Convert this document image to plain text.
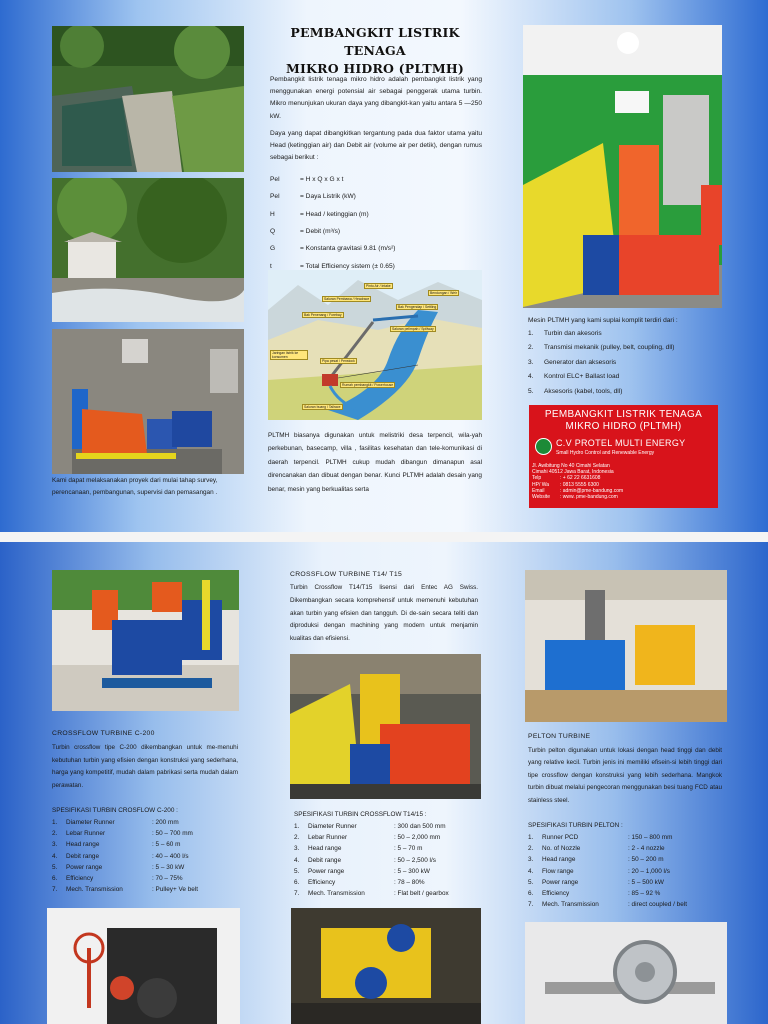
Kami dapat melaksanakan proyek dari mulai tahap survey, perencanaan, pembangunan, supervisi dan pemasangan .
PEMBANGKIT LISTRIK TENAGA
MIKRO HIDRO (PLTMH)
Pembangkit listrik tenaga mikro hidro adalah pembangkit listrik yang menggunakan energi potensial air sebagai penggerak utama turbin. Mikro menunjukan ukuran daya yang dibangkit-kan yaitu antara 5 —250 kW.
Daya yang dapat dibangkitkan tergantung pada dua faktor utama yaitu Head (ketinggian air) dan Debit air (volume air per detik), dengan rumus sebagai berikut :
Pel	= H x Q x G x t
Pel	= Daya Listrik (kW)
H	= Head / ketinggian (m)
Q	= Debit (m³/s)
G	= Konstanta gravitasi 9.81 (m/s²)
t	= Total Efficiency sistem (± 0.65)
Bak Penenang / Forebay
Saluran Pembawa / Headrace
Bak Pengendap / Settling
Bendungan / Weir
Pintu Air / Intake
Saluran pelimpah / Spillway
Pipa pesat / Penstock
Rumah pembangkit / Powerhouse
Jaringan listrik ke konsumen
Saluran buang / Tailrace
PLTMH biasanya digunakan untuk melistriki desa terpencil, wila-yah perkebunan, basecamp, villa , fasilitas kesehatan dan tele-komunikasi di daerah terpencil. PLTMH cukup mudah dibangun dimanapun asal direncanakan dan dibuat dengan benar. Kunci PLTMH adalah desain yang benar, mesin yang berkualitas serta
Mesin PLTMH yang kami suplai komplit terdiri dari :
1.	Turbin dan akesoris
2.	Transmisi mekanik (pulley, belt, coupling, dll)
3.	Generator dan aksesoris
4.	Kontrol ELC+ Ballast load
5.	Aksesoris (kabel, tools, dll)
PEMBANGKIT LISTRIK TENAGA
MIKRO HIDRO (PLTMH)
C.V PROTEL MULTI ENERGY
Small Hydro Control and Renewable Energy
Jl. Awibitung No 40 Cimahi Selatan
Cimahi 40512 Jawa Barat, Indonesia
Telp	: + 62 22 6631608
HP/ Wa	: 0813 5555 6300
Email	: admin@pme-bandung.com
Website	: www. pme-bandung.com
CROSSFLOW TURBINE C-200
Turbin crossflow tipe C-200 dikembangkan untuk me-menuhi kebutuhan turbin yang efisien dengan konstruksi yang sederhana, harga yang kompetitif, mudah dalam pabrikasi serta mudah dalam perawatan.
SPESIFIKASI TURBIN CROSFLOW C-200 :
1.	Diameter Runner	: 200 mm
2.	Lebar Runner	: 50 – 700 mm
3.	Head range	: 5 – 60 m
4.	Debit range	: 40 – 400 l/s
5.	Power range	: 5 – 30 kW
6.	Efficiency	: 70 – 75%
7.	Mech. Transmission	: Pulley+ Ve belt
CROSSFLOW TURBINE T14/ T15
Turbin Crossflow T14/T15 lisensi dari Entec AG Swiss. Dikembangkan secara komprehensif untuk memenuhi kebutuhan akan turbin yang efisien dan tangguh. Di de-sain secara teliti dan diproduksi dengan machining yang modern untuk menjamin kualitas dan efisiensi.
SPESIFIKASI TURBIN CROSSFLOW T14/15 :
1.	Diameter Runner	: 300 dan 500 mm
2.	Lebar Runner	: 50 – 2,000 mm
3.	Head range	: 5 – 70 m
4.	Debit range	: 50 – 2,500 l/s
5.	Power range	: 5 – 300 kW
6.	Efficiency	: 78 – 80%
7.	Mech. Transmission	: Flat belt / gearbox
PELTON TURBINE
Turbin pelton digunakan untuk lokasi dengan head tinggi dan debit yang relative kecil. Turbin jenis ini memiliki efisein-si lebih tinggi dari tipe crossflow dengan konstruksi yang lebih sederhana. Mangkok turbin dibuat melalui pengecoran menggunakan besi tuang FCD atau stainless steel.
SPESIFIKASI TURBIN PELTON :
1.	Runner PCD	: 150 – 800 mm
2.	No. of Nozzle	: 2 - 4 nozzle
3.	Head range	: 50 – 200 m
4.	Flow range	: 20 – 1,000 l/s
5.	Power range	: 5 – 500 kW
6.	Efficiency	: 85 – 92 %
7.	Mech. Transmission	: direct coupled / belt
